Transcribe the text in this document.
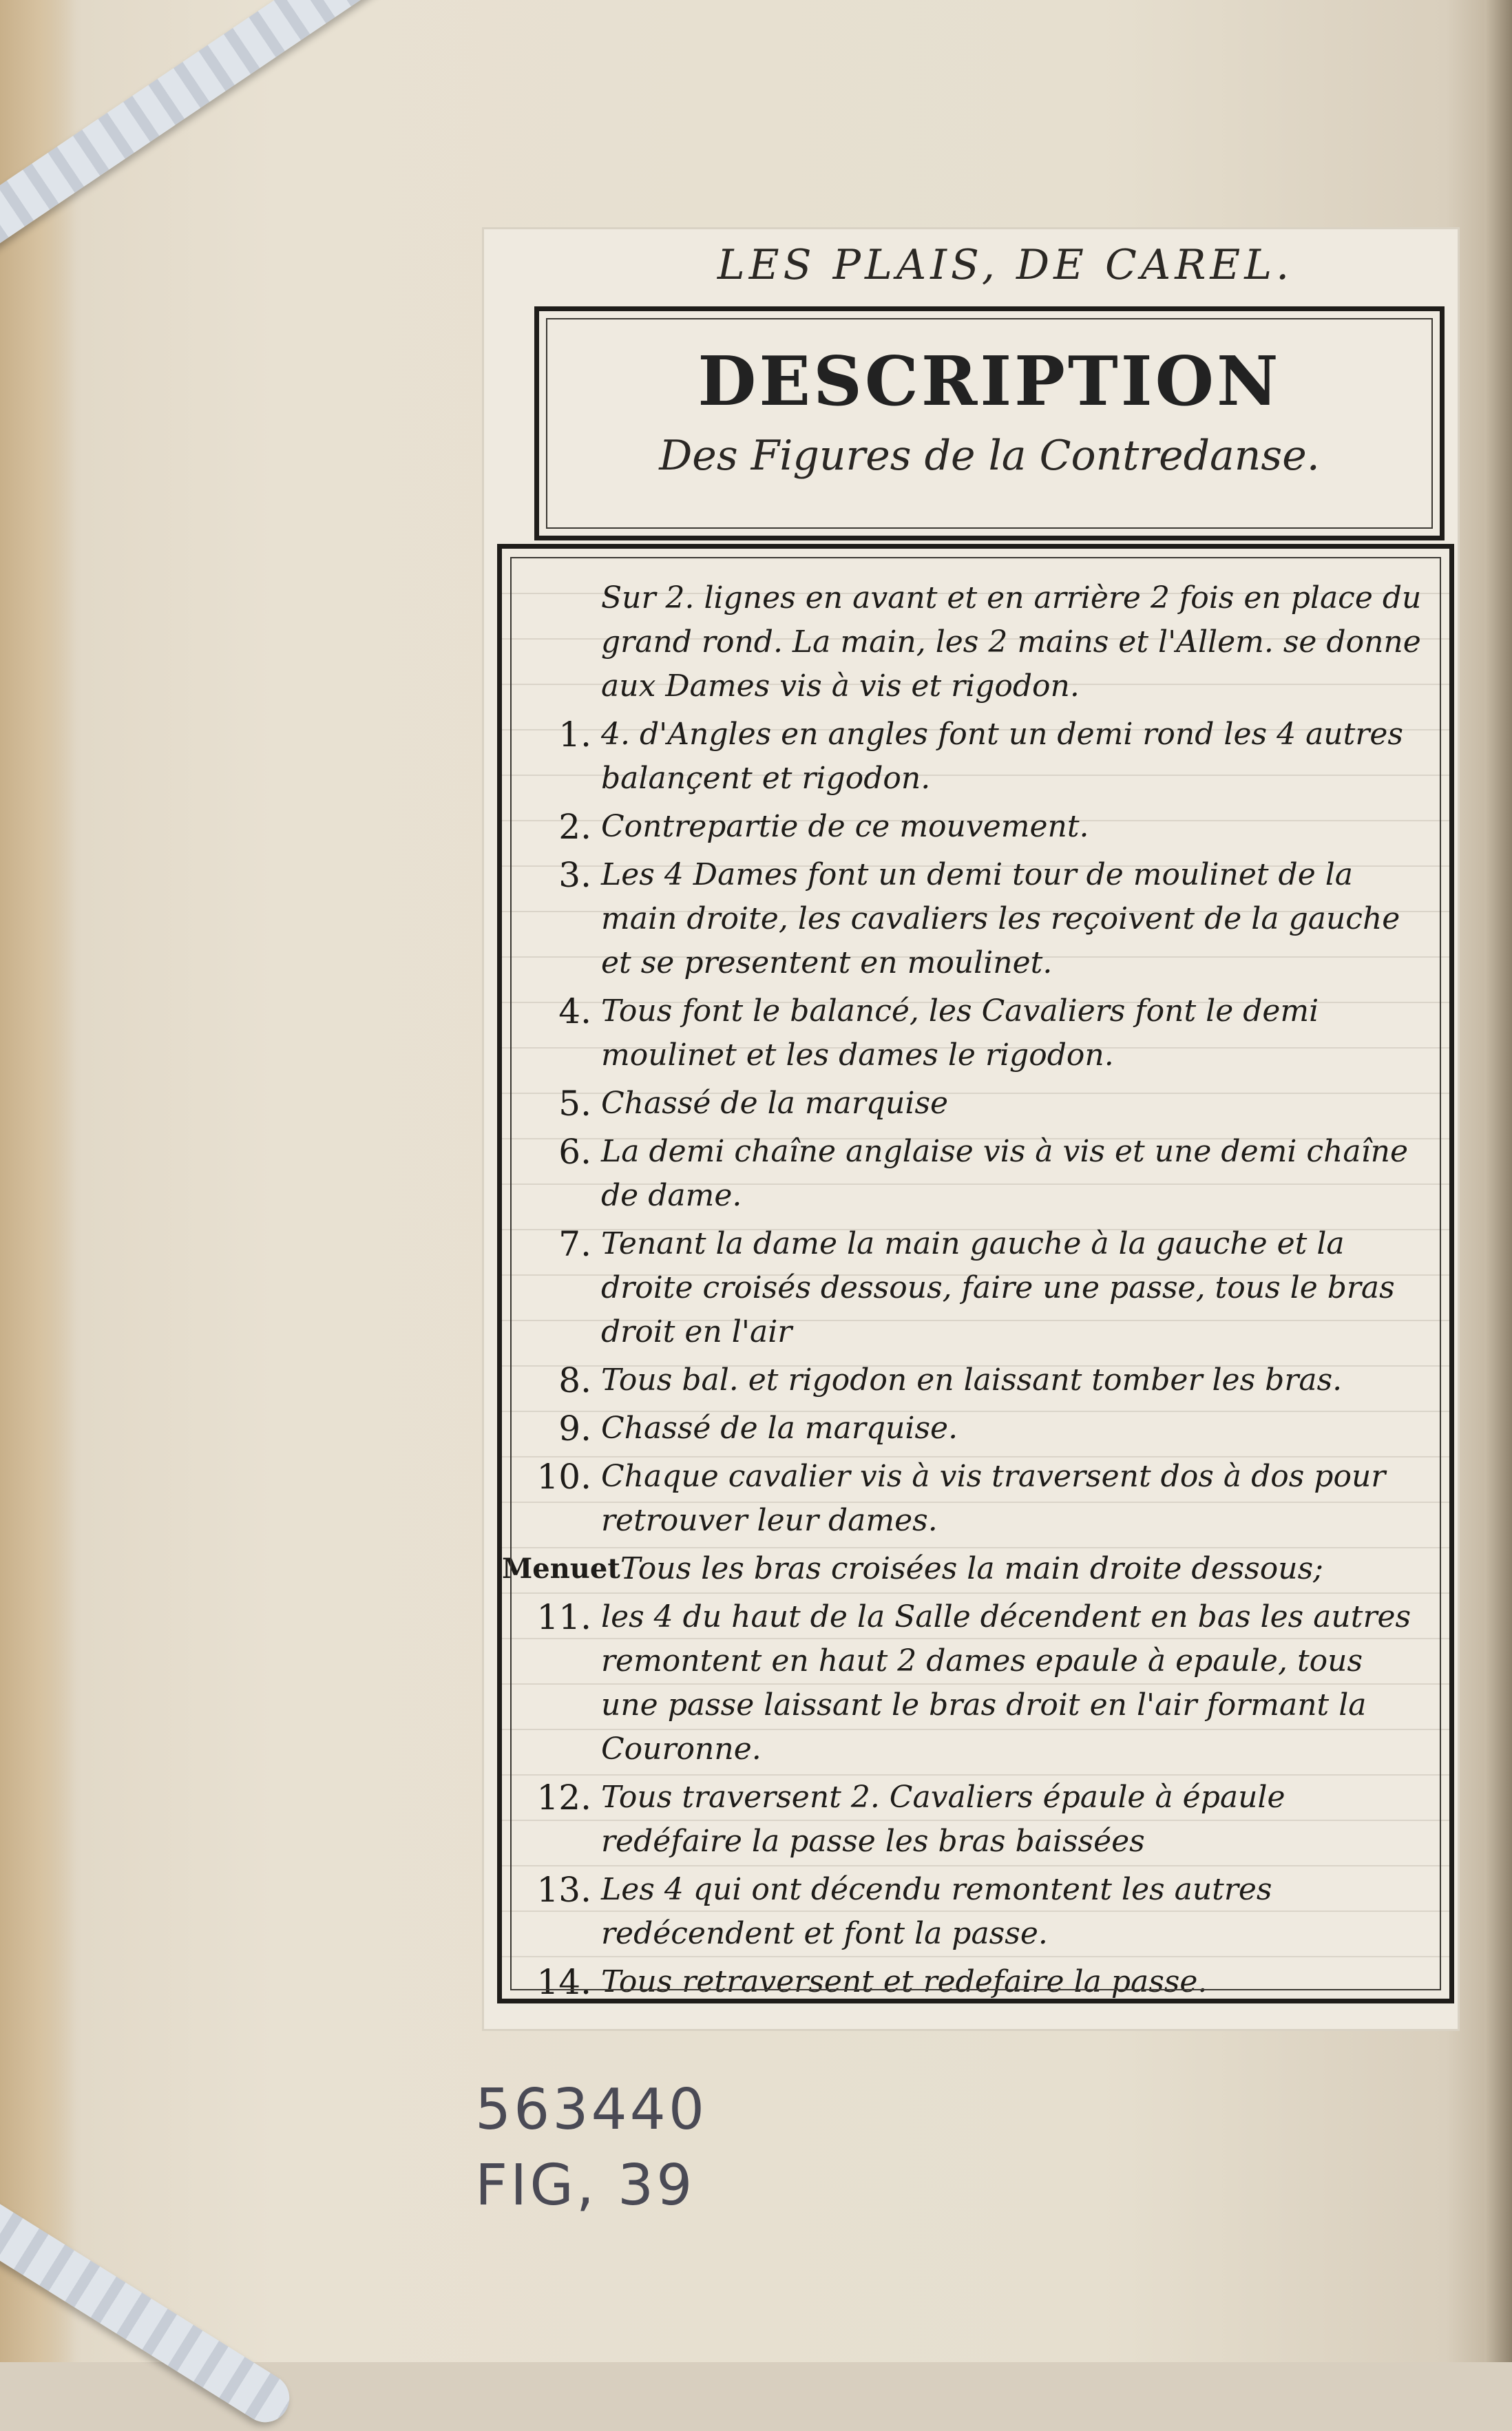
LES PLAIS, DE CAREL.
DESCRIPTION
Des Figures de la Contredanse.
Sur 2. lignes en avant et en arrière 2 fois en place du grand rond. La main, les 2 mains et l'Allem. se donne aux Dames vis à vis et rigodon.
1. 4. d'Angles en angles font un demi rond les 4 autres balançent et rigodon.
2. Contrepartie de ce mouvement.
3. Les 4 Dames font un demi tour de moulinet de la main droite, les cavaliers les reçoivent de la gauche et se presentent en moulinet.
4. Tous font le balancé, les Cavaliers font le demi moulinet et les dames le rigodon.
5. Chassé de la marquise
6. La demi chaîne anglaise vis à vis et une demi chaîne de dame.
7. Tenant la dame la main gauche à la gauche et la droite croisés dessous, faire une passe, tous le bras droit en l'air
8. Tous bal. et rigodon en laissant tomber les bras.
9. Chassé de la marquise.
10. Chaque cavalier vis à vis traversent dos à dos pour retrouver leur dames.
Menuet Tous les bras croisées la main droite dessous;
11. les 4 du haut de la Salle décendent en bas les autres remontent en haut 2 dames epaule à epaule, tous une passe laissant le bras droit en l'air formant la Couronne.
12. Tous traversent 2. Cavaliers épaule à épaule redéfaire la passe les bras baissées
13. Les 4 qui ont décendu remontent les autres redécendent et font la passe.
14. Tous retraversent et redefaire la passe.
563440
FIG, 39
